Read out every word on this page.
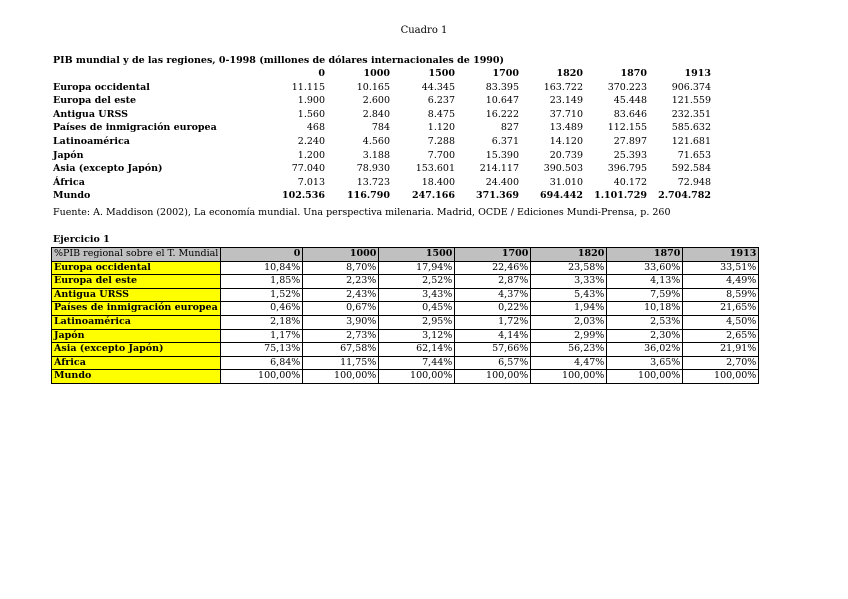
Cuadro 1
PIB mundial y de las regiones, 0-1998 (millones de dólares internacionales de 1990)
	0	1000	1500	1700	1820	1870	1913
Europa occidental	11.115	10.165	44.345	83.395	163.722	370.223	906.374
Europa del este	1.900	2.600	6.237	10.647	23.149	45.448	121.559
Antigua URSS	1.560	2.840	8.475	16.222	37.710	83.646	232.351
Países de inmigración europea	468	784	1.120	827	13.489	112.155	585.632
Latinoamérica	2.240	4.560	7.288	6.371	14.120	27.897	121.681
Japón	1.200	3.188	7.700	15.390	20.739	25.393	71.653
Asia (excepto Japón)	77.040	78.930	153.601	214.117	390.503	396.795	592.584
África	7.013	13.723	18.400	24.400	31.010	40.172	72.948
Mundo	102.536	116.790	247.166	371.369	694.442	1.101.729	2.704.782
Fuente: A. Maddison (2002), La economía mundial. Una perspectiva milenaria. Madrid, OCDE / Ediciones Mundi-Prensa, p. 260
Ejercicio 1
%PIB regional sobre el T. Mundial	0	1000	1500	1700	1820	1870	1913
Europa occidental	10,84%	8,70%	17,94%	22,46%	23,58%	33,60%	33,51%
Europa del este	1,85%	2,23%	2,52%	2,87%	3,33%	4,13%	4,49%
Antigua URSS	1,52%	2,43%	3,43%	4,37%	5,43%	7,59%	8,59%
Países de inmigración europea	0,46%	0,67%	0,45%	0,22%	1,94%	10,18%	21,65%
Latinoamérica	2,18%	3,90%	2,95%	1,72%	2,03%	2,53%	4,50%
Japón	1,17%	2,73%	3,12%	4,14%	2,99%	2,30%	2,65%
Asia (excepto Japón)	75,13%	67,58%	62,14%	57,66%	56,23%	36,02%	21,91%
África	6,84%	11,75%	7,44%	6,57%	4,47%	3,65%	2,70%
Mundo	100,00%	100,00%	100,00%	100,00%	100,00%	100,00%	100,00%
